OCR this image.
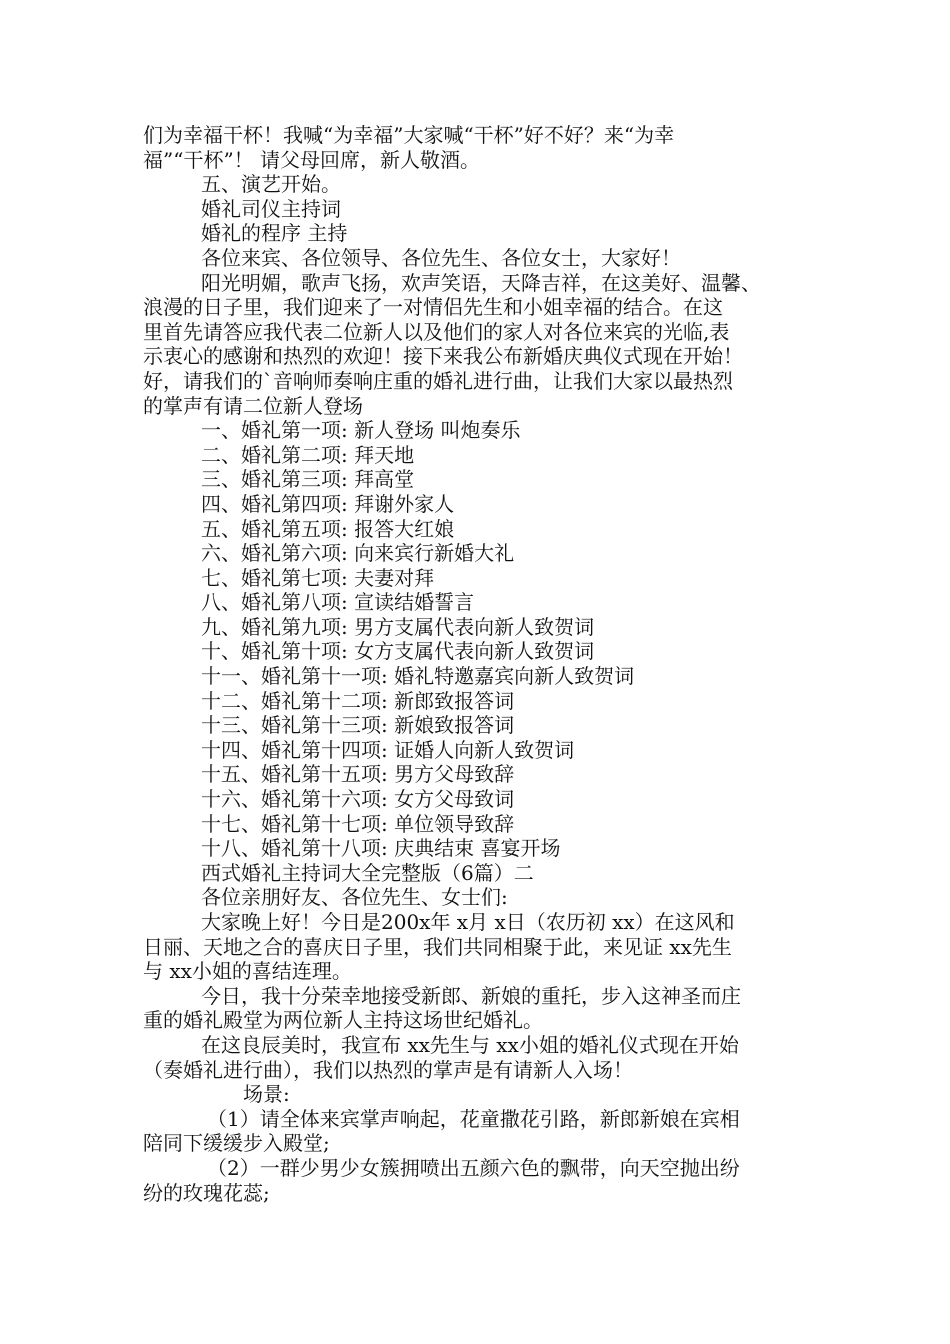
们为幸福干杯！我喊“为幸福”大家喊“干杯”好不好？来“为幸
福”“干杯”！ 请父母回席，新人敬酒。
五、演艺开始。
婚礼司仪主持词
婚礼的程序 主持
各位来宾、各位领导、各位先生、各位女士，大家好！
阳光明媚，歌声飞扬，欢声笑语，天降吉祥，在这美好、温馨、
浪漫的日子里，我们迎来了一对情侣先生和小姐幸福的结合。在这
里首先请答应我代表二位新人以及他们的家人对各位来宾的光临,表
示衷心的感谢和热烈的欢迎！接下来我公布新婚庆典仪式现在开始！
好，请我们的`音响师奏响庄重的婚礼进行曲，让我们大家以最热烈
的掌声有请二位新人登场
一、婚礼第一项: 新人登场 叫炮奏乐
二、婚礼第二项: 拜天地
三、婚礼第三项: 拜高堂
四、婚礼第四项: 拜谢外家人
五、婚礼第五项: 报答大红娘
六、婚礼第六项: 向来宾行新婚大礼
七、婚礼第七项: 夫妻对拜
八、婚礼第八项: 宣读结婚誓言
九、婚礼第九项: 男方支属代表向新人致贺词
十、婚礼第十项: 女方支属代表向新人致贺词
十一、婚礼第十一项: 婚礼特邀嘉宾向新人致贺词
十二、婚礼第十二项: 新郎致报答词
十三、婚礼第十三项: 新娘致报答词
十四、婚礼第十四项: 证婚人向新人致贺词
十五、婚礼第十五项: 男方父母致辞
十六、婚礼第十六项: 女方父母致词
十七、婚礼第十七项: 单位领导致辞
十八、婚礼第十八项: 庆典结束 喜宴开场
西式婚礼主持词大全完整版（6篇）二
各位亲朋好友、各位先生、女士们:
大家晚上好！今日是200x年 x月 x日（农历初 xx）在这风和
日丽、天地之合的喜庆日子里，我们共同相聚于此，来见证 xx先生
与 xx小姐的喜结连理。
今日，我十分荣幸地接受新郎、新娘的重托，步入这神圣而庄
重的婚礼殿堂为两位新人主持这场世纪婚礼。
在这良辰美时，我宣布 xx先生与 xx小姐的婚礼仪式现在开始
（奏婚礼进行曲），我们以热烈的掌声是有请新人入场！
场景:
（1）请全体来宾掌声响起，花童撒花引路，新郎新娘在宾相
陪同下缓缓步入殿堂;
（2）一群少男少女簇拥喷出五颜六色的飘带，向天空抛出纷
纷的玫瑰花蕊;
